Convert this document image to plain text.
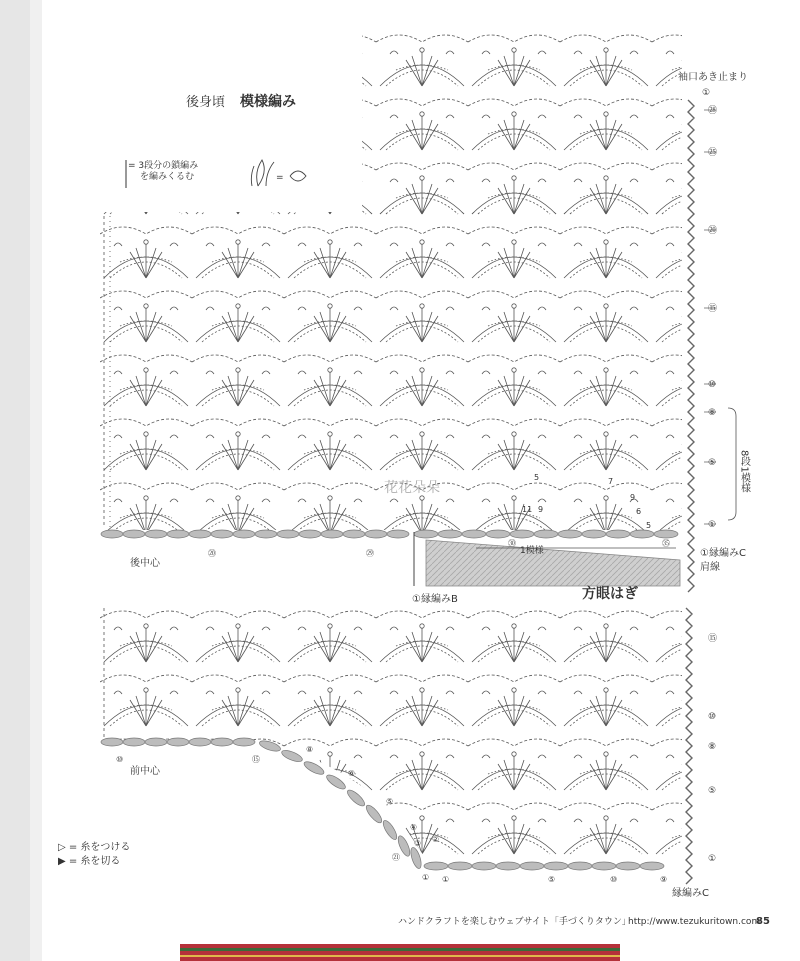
後身頃 模様編み
= 3段分の鎖編み
を編みくるむ	=
袖口あき止まり
①
㉘
㉕
⑳
⑮
⑩
⑧
⑤
①
8段1模様
①縁編みC
肩線
①縁編みB	方眼はぎ
1模様
後中心
⑳	㉙
㉚	㉟
5	7
9
11 9	6
5
⑮
⑩
⑧
⑤
①
縁編みC
前中心
⑩	⑮
⑧
⑥
⑤
④
③ ②
㉑
① ①	⑤	⑩	⑨
▷ = 糸をつける
▶ = 糸を切る
花花朵朵
ハンドクラフトを楽しむウェブサイト「手づくりタウン」
http://www.tezukuritown.com
85
